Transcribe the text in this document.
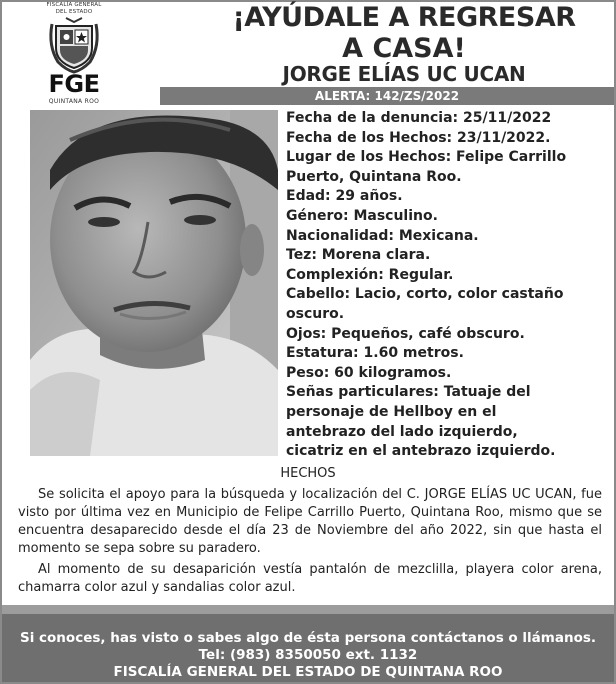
FISCALÍA GENERAL
DEL ESTADO
FGE
QUINTANA ROO
¡AYÚDALE A REGRESAR
A CASA!
JORGE ELÍAS UC UCAN
ALERTA: 142/ZS/2022
Fecha de la denuncia: 25/11/2022
Fecha de los Hechos: 23/11/2022.
Lugar de los Hechos: Felipe Carrillo
Puerto, Quintana Roo.
Edad: 29 años.
Género: Masculino.
Nacionalidad: Mexicana.
Tez: Morena clara.
Complexión: Regular.
Cabello: Lacio, corto, color castaño
oscuro.
Ojos: Pequeños, café obscuro.
Estatura: 1.60 metros.
Peso: 60 kilogramos.
Señas particulares: Tatuaje del
personaje de Hellboy en el
antebrazo del lado izquierdo,
cicatriz en el antebrazo izquierdo.
HECHOS

Se solicita el apoyo para la búsqueda y localización del C. JORGE ELÍAS UC UCAN, fue visto por última vez en Municipio de Felipe Carrillo Puerto, Quintana Roo, mismo que se encuentra desaparecido desde el día 23 de Noviembre del año 2022, sin que hasta el momento se sepa sobre su paradero.

Al momento de su desaparición vestía pantalón de mezclilla, playera color arena, chamarra color azul y sandalias color azul.

Si conoces, has visto o sabes algo de ésta persona contáctanos o llámanos.
Tel: (983) 8350050 ext. 1132
FISCALÍA GENERAL DEL ESTADO DE QUINTANA ROO
